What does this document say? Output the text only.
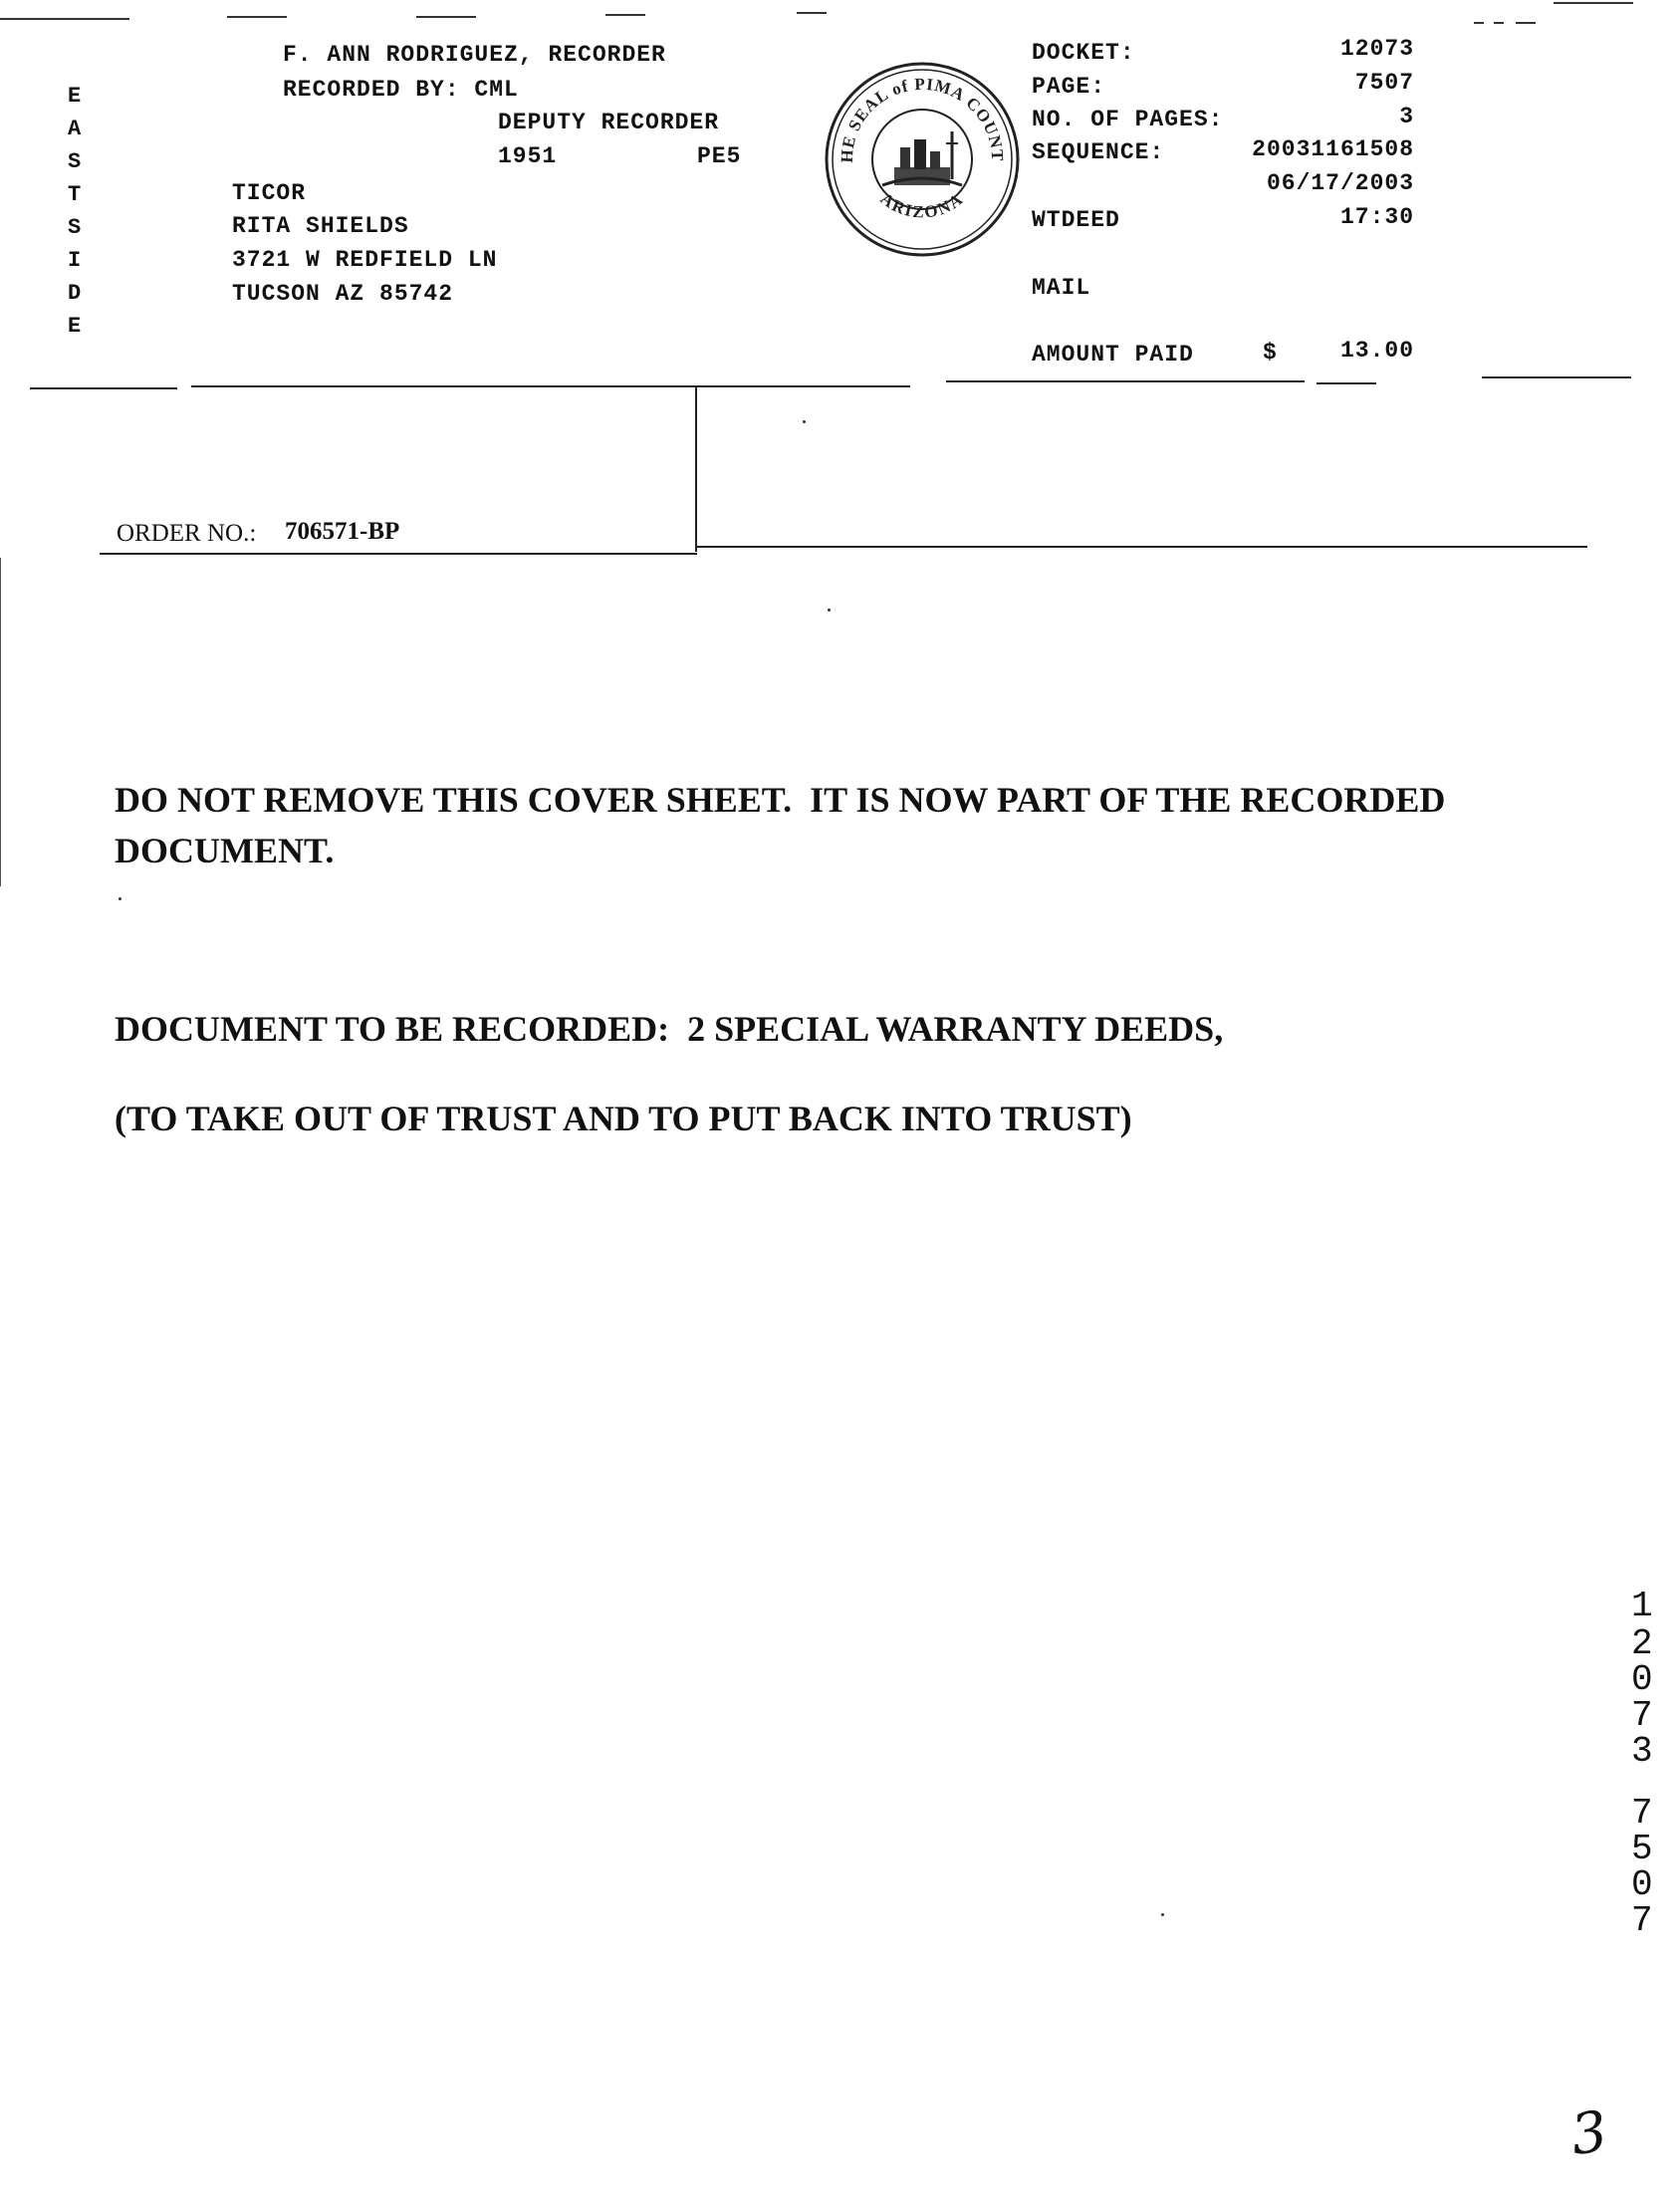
E
A
S
T
S
I
D
E
F. ANN RODRIGUEZ, RECORDER
RECORDED BY: CML
DEPUTY RECORDER
1951	PE5
TICOR
RITA SHIELDS
3721 W REDFIELD LN
TUCSON AZ 85742
HE SEAL of PIMA COUNT
ARIZONA
DOCKET:	12073
PAGE:	7507
NO. OF PAGES:	3
SEQUENCE:	20031161508
06/17/2003
WTDEED	17:30
MAIL
AMOUNT PAID	$	13.00
ORDER NO.: 706571-BP
DO NOT REMOVE THIS COVER SHEET.  IT IS NOW PART OF THE RECORDED
DOCUMENT.
DOCUMENT TO BE RECORDED:  2 SPECIAL WARRANTY DEEDS,
(TO TAKE OUT OF TRUST AND TO PUT BACK INTO TRUST)
1
2
0
7
3
7
5
0
7
3
